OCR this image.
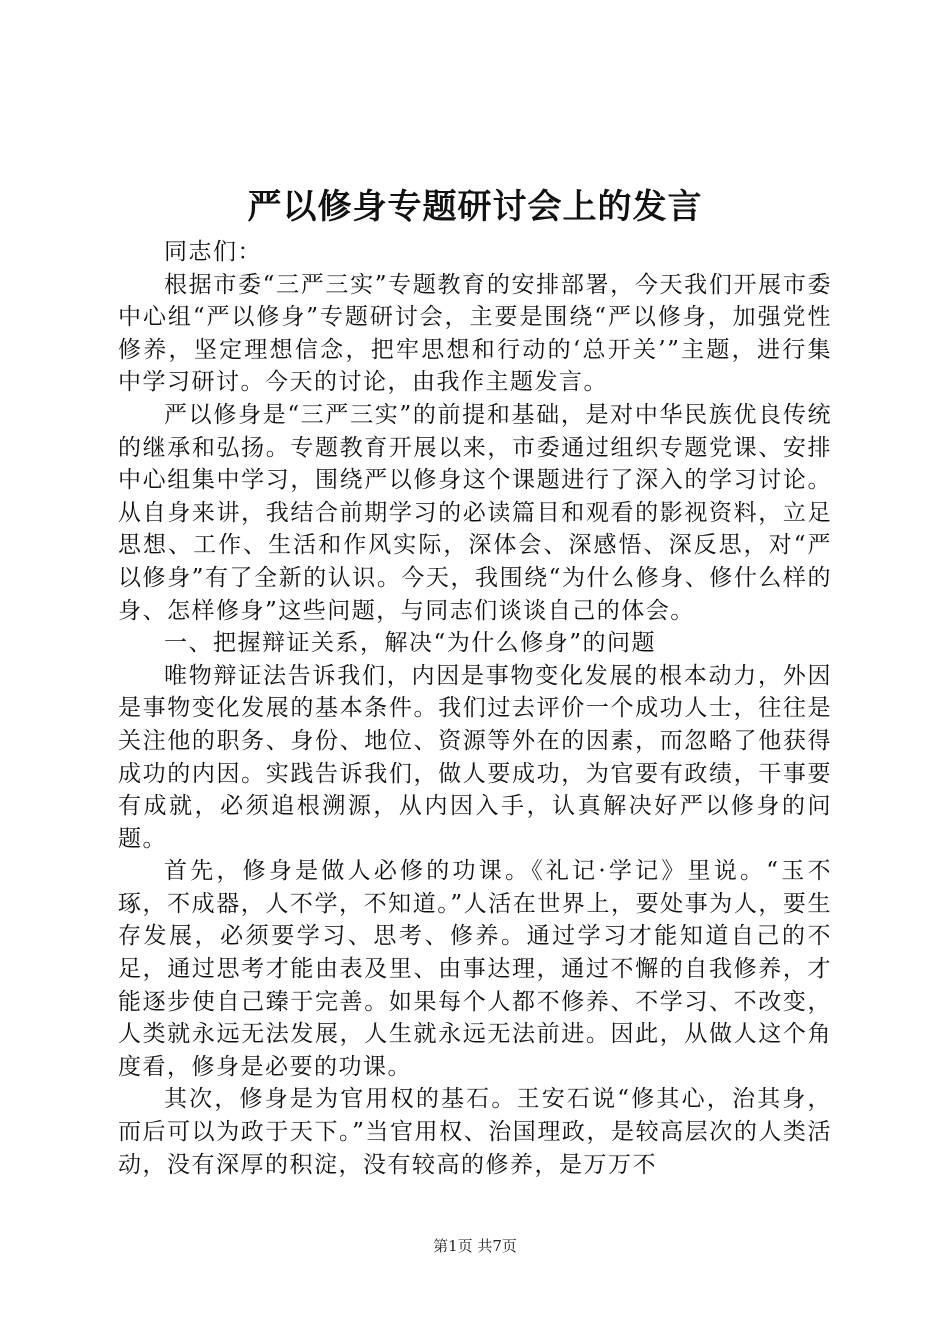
严以修身专题研讨会上的发言

同志们：

根据市委“三严三实”专题教育的安排部署，今天我们开展市委中心组“严以修身”专题研讨会，主要是围绕“严以修身，加强党性修养，坚定理想信念，把牢思想和行动的‘总开关’”主题，进行集中学习研讨。今天的讨论，由我作主题发言。

严以修身是“三严三实”的前提和基础，是对中华民族优良传统的继承和弘扬。专题教育开展以来，市委通过组织专题党课、安排中心组集中学习，围绕严以修身这个课题进行了深入的学习讨论。从自身来讲，我结合前期学习的必读篇目和观看的影视资料，立足思想、工作、生活和作风实际，深体会、深感悟、深反思，对“严以修身”有了全新的认识。今天，我围绕“为什么修身、修什么样的身、怎样修身”这些问题，与同志们谈谈自己的体会。

一、把握辩证关系，解决“为什么修身”的问题

唯物辩证法告诉我们，内因是事物变化发展的根本动力，外因是事物变化发展的基本条件。我们过去评价一个成功人士，往往是关注他的职务、身份、地位、资源等外在的因素，而忽略了他获得成功的内因。实践告诉我们，做人要成功，为官要有政绩，干事要有成就，必须追根溯源，从内因入手，认真解决好严以修身的问题。

首先，修身是做人必修的功课。《礼记·学记》里说。“玉不琢，不成器，人不学，不知道。”人活在世界上，要处事为人，要生存发展，必须要学习、思考、修养。通过学习才能知道自己的不足，通过思考才能由表及里、由事达理，通过不懈的自我修养，才能逐步使自己臻于完善。如果每个人都不修养、不学习、不改变，人类就永远无法发展，人生就永远无法前进。因此，从做人这个角度看，修身是必要的功课。

其次，修身是为官用权的基石。王安石说“修其心，治其身，而后可以为政于天下。”当官用权、治国理政，是较高层次的人类活动，没有深厚的积淀，没有较高的修养，是万万不

第1页 共7页
